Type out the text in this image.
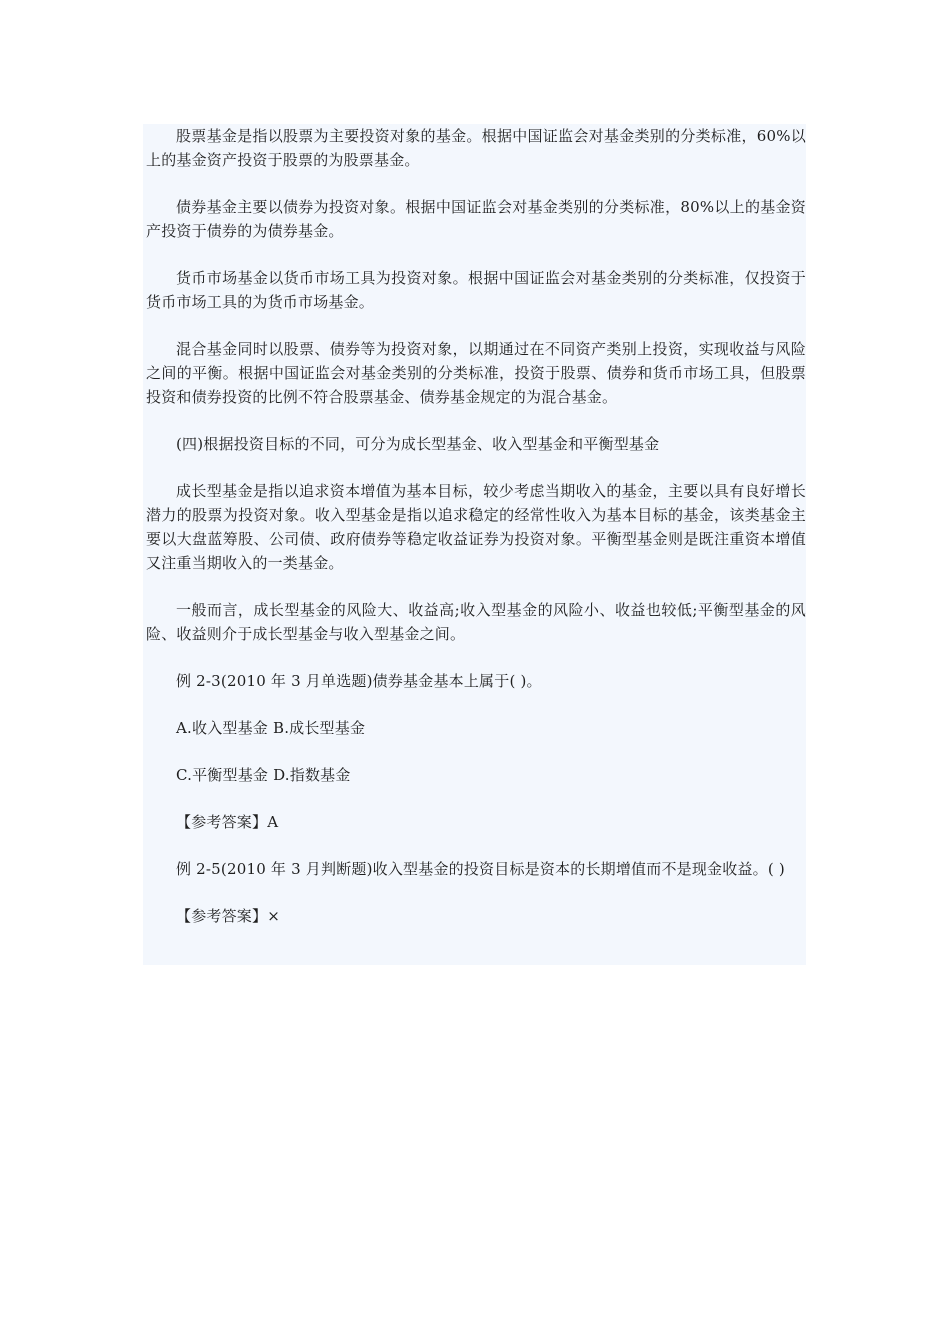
股票基金是指以股票为主要投资对象的基金。根据中国证监会对基金类别的分类标准，60%以上的基金资产投资于股票的为股票基金。

债券基金主要以债券为投资对象。根据中国证监会对基金类别的分类标准，80%以上的基金资产投资于债券的为债券基金。

货币市场基金以货币市场工具为投资对象。根据中国证监会对基金类别的分类标准，仅投资于货币市场工具的为货币市场基金。

混合基金同时以股票、债券等为投资对象，以期通过在不同资产类别上投资，实现收益与风险之间的平衡。根据中国证监会对基金类别的分类标准，投资于股票、债券和货币市场工具，但股票投资和债券投资的比例不符合股票基金、债券基金规定的为混合基金。

(四)根据投资目标的不同，可分为成长型基金、收入型基金和平衡型基金

成长型基金是指以追求资本增值为基本目标，较少考虑当期收入的基金，主要以具有良好增长潜力的股票为投资对象。收入型基金是指以追求稳定的经常性收入为基本目标的基金，该类基金主要以大盘蓝筹股、公司债、政府债券等稳定收益证券为投资对象。平衡型基金则是既注重资本增值又注重当期收入的一类基金。

一般而言，成长型基金的风险大、收益高;收入型基金的风险小、收益也较低;平衡型基金的风险、收益则介于成长型基金与收入型基金之间。

例 2-3(2010 年 3 月单选题)债券基金基本上属于( )。

A.收入型基金 B.成长型基金

C.平衡型基金 D.指数基金

【参考答案】A

例 2-5(2010 年 3 月判断题)收入型基金的投资目标是资本的长期增值而不是现金收益。( )

【参考答案】×
